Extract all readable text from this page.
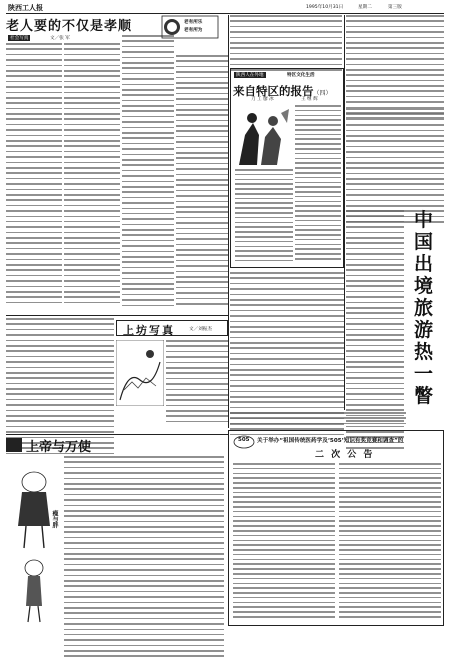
陕西工人报	1995年10月31日	星期二	第三版
老人要的不仅是孝顺
社会写真	文／张 军
老有所乐
老有所为
陕西人在外地	特区文化生活
来自特区的报告（四）
刀 工 廖 冰	王 继 辉
中
国
出
境
旅
游
热
一
瞥
上坊写真	文／刘振杰
上帝与万使
瘦与胖
505 关于举办“祖国传统医药学及‘505’知识有奖竞赛和调查”的
二 次 公 告
